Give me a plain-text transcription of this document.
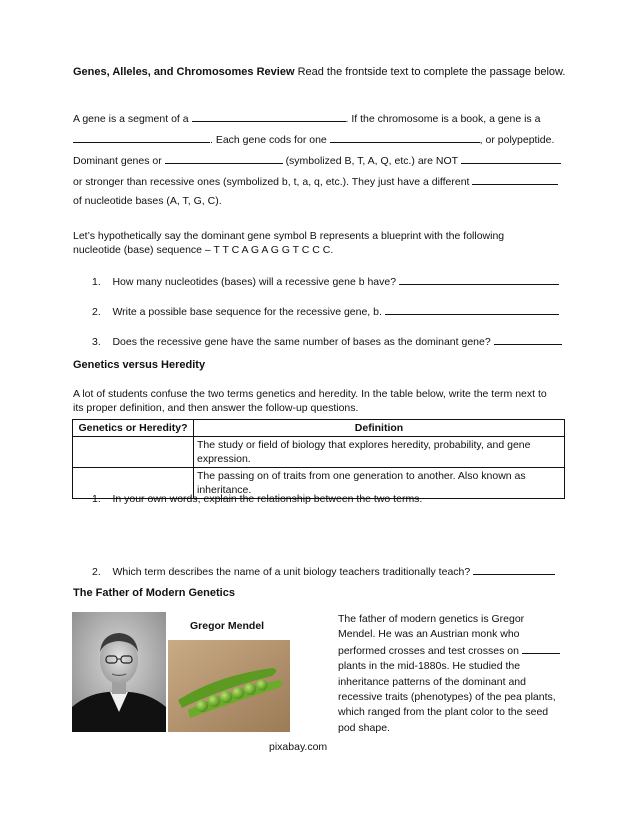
Genes, Alleles, and Chromosomes Review Read the frontside text to complete the passage below.
A gene is a segment of a	. If the chromosome is a book, a gene is a
. Each gene cods for one	, or polypeptide.
Dominant genes or	(symbolized B, T, A, Q, etc.) are NOT
or stronger than recessive ones (symbolized b, t, a, q, etc.). They just have a different
of nucleotide bases (A, T, G, C).
Let’s hypothetically say the dominant gene symbol B represents a blueprint with the following
nucleotide (base) sequence – T T C A G A G G T C C C.
1. How many nucleotides (bases) will a recessive gene b have?
2. Write a possible base sequence for the recessive gene, b.
3. Does the recessive gene have the same number of bases as the dominant gene?
Genetics versus Heredity
A lot of students confuse the two terms genetics and heredity. In the table below, write the term next to
its proper definition, and then answer the follow-up questions.
Genetics or Heredity?	Definition

	The study or field of biology that explores heredity, probability, and gene
expression.

	The passing on of traits from one generation to another. Also known as
inheritance.
1. In your own words, explain the relationship between the two terms.
2. Which term describes the name of a unit biology teachers traditionally teach?
The Father of Modern Genetics
Gregor Mendel
pixabay.com
The father of modern genetics is Gregor
Mendel. He was an Austrian monk who
performed crosses and test crosses on
plants in the mid-1880s. He studied the
inheritance patterns of the dominant and
recessive traits (phenotypes) of the pea plants,
which ranged from the plant color to the seed
pod shape.
